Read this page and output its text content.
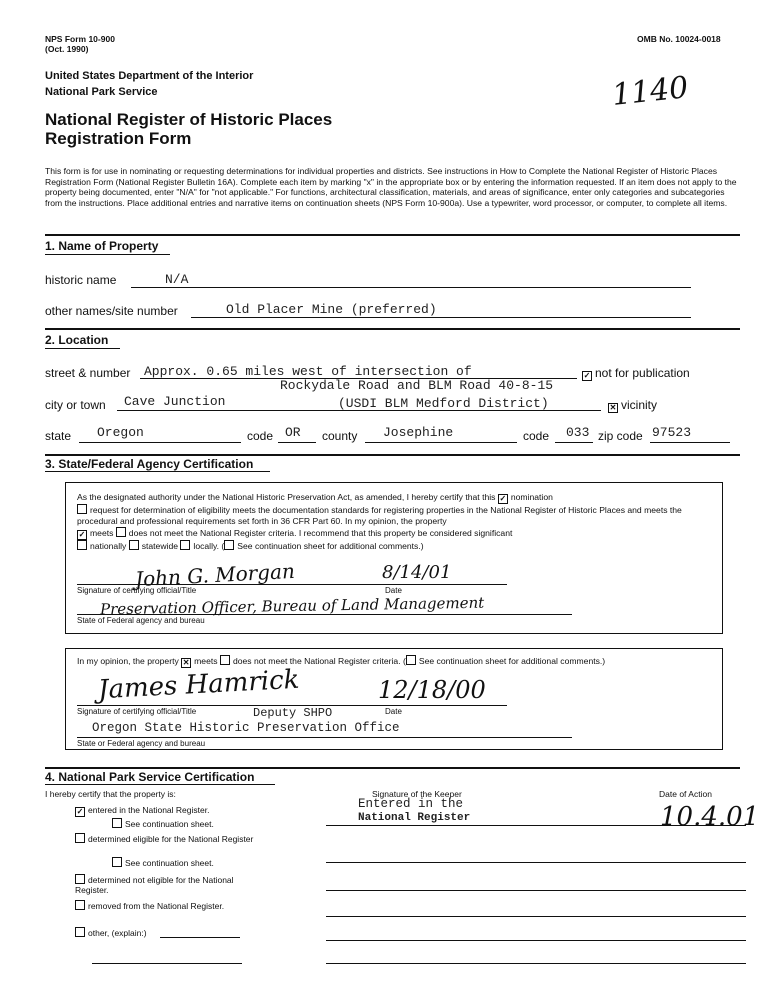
NPS Form 10-900
(Oct. 1990)
OMB No. 10024-0018
United States Department of the Interior
National Park Service	1140
National Register of Historic Places
Registration Form
This form is for use in nominating or requesting determinations for individual properties and districts. See instructions in How to Complete the National Register of Historic Places Registration Form (National Register Bulletin 16A). Complete each item by marking "x" in the appropriate box or by entering the information requested. If an item does not apply to the property being documented, enter "N/A" for "not applicable." For functions, architectural classification, materials, and areas of significance, enter only categories and subcategories from the instructions. Place additional entries and narrative items on continuation sheets (NPS Form 10-900a). Use a typewriter, word processor, or computer, to complete all items.
1. Name of Property
historic name	N/A
other names/site number	Old Placer Mine (preferred)
2. Location
street & number Approx. 0.65 miles west of intersection of
Rockydale Road and BLM Road 40-8-15
✓ not for publication
city or town Cave Junction	(USDI BLM Medford District)	✕ vicinity
state Oregon	code OR county Josephine	code 033 zip code 97523
3. State/Federal Agency Certification
As the designated authority under the National Historic Preservation Act, as amended, I hereby certify that this ✓ nomination
request for determination of eligibility meets the documentation standards for registering properties in the National Register of Historic Places and meets the procedural and professional requirements set forth in 36 CFR Part 60. In my opinion, the property
✓ meets does not meet the National Register criteria. I recommend that this property be considered significant
nationally statewide locally. ( See continuation sheet for additional comments.)
John G. Morgan	8/14/01
Signature of certifying official/Title	Date
Preservation Officer, Bureau of Land Management
State of Federal agency and bureau
In my opinion, the property ✕ meets does not meet the National Register criteria. ( See continuation sheet for additional comments.)
James Hamrick	12/18/00
Signature of certifying official/Title	Deputy SHPO	Date
Oregon State Historic Preservation Office
State or Federal agency and bureau
4. National Park Service Certification
I hereby certify that the property is:	Signature of the Keeper	Date of Action
✓ entered in the National Register.
See continuation sheet.
Entered in the
National Register	10.4.01
determined eligible for the National Register
See continuation sheet.
determined not eligible for the National Register.
removed from the National Register.
other, (explain:)
